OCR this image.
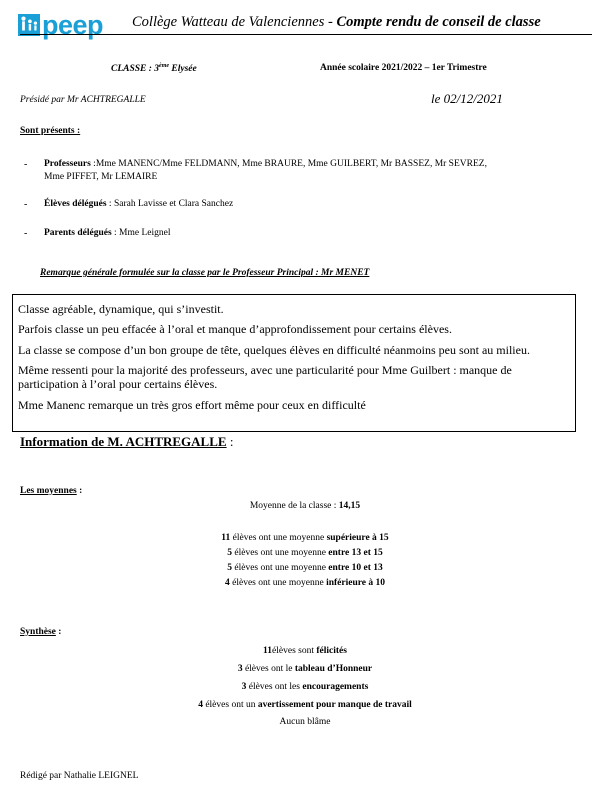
peep Collège Watteau de Valenciennes - Compte rendu de conseil de classe
CLASSE : 3ème Elysée	Année scolaire 2021/2022 – 1er Trimestre
Présidé par Mr ACHTREGALLE	le 02/12/2021
Sont présents :
- Professeurs :Mme MANENC/Mme FELDMANN, Mme BRAURE, Mme GUILBERT, Mr BASSEZ, Mr SEVREZ,
Mme PIFFET, Mr LEMAIRE
- Élèves délégués : Sarah Lavisse et Clara Sanchez
- Parents délégués : Mme Leignel
Remarque générale formulée sur la classe par le Professeur Principal : Mr MENET
Classe agréable, dynamique, qui s’investit.
Parfois classe un peu effacée à l’oral et manque d’approfondissement pour certains élèves.
La classe se compose d’un bon groupe de tête, quelques élèves en difficulté néanmoins peu sont au milieu.
Même ressenti pour la majorité des professeurs, avec une particularité pour Mme Guilbert : manque de
participation à l’oral pour certains élèves.
Mme Manenc remarque un très gros effort même pour ceux en difficulté
Information de M. ACHTREGALLE :
Les moyennes :
Moyenne de la classe : 14,15
11 élèves ont une moyenne supérieure à 15
5 élèves ont une moyenne entre 13 et 15
5 élèves ont une moyenne entre 10 et 13
4 élèves ont une moyenne inférieure à 10
Synthèse :
11élèves sont félicités
3 élèves ont le tableau d’Honneur
3 élèves ont les encouragements
4 élèves ont un avertissement pour manque de travail
Aucun blâme
Rédigé par Nathalie LEIGNEL
